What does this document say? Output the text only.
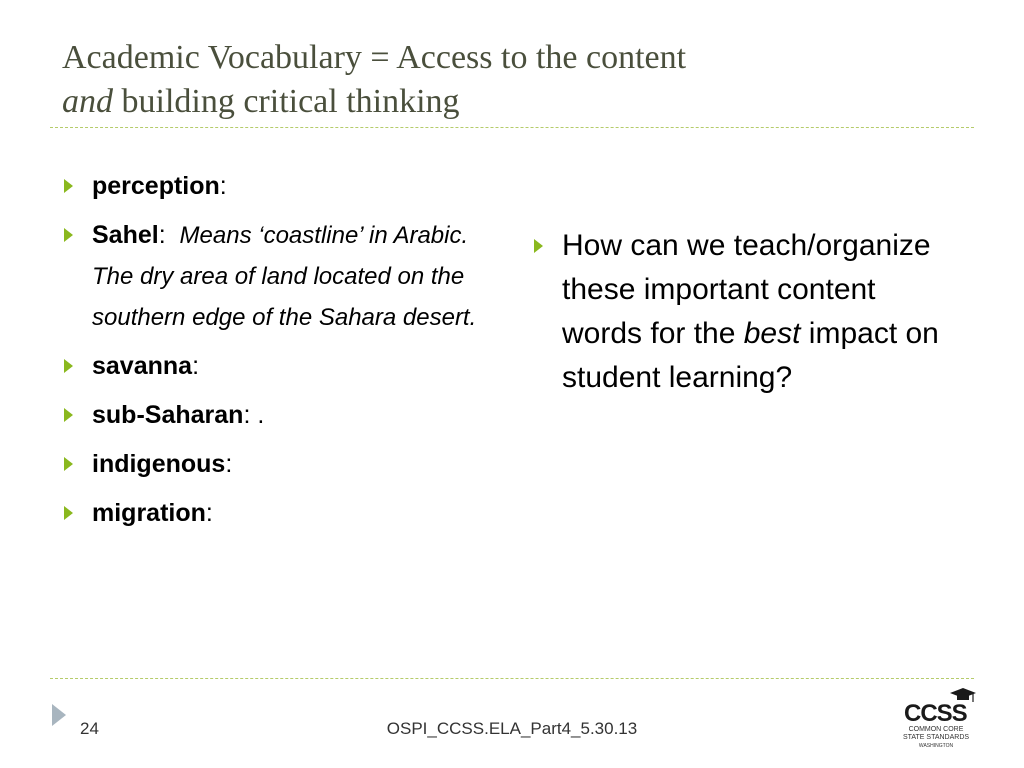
Academic Vocabulary = Access to the content
and building critical thinking
perception:
Sahel:  Means ‘coastline’ in Arabic. The dry area of land located on the southern edge of the Sahara desert.
savanna:
sub-Saharan: .
indigenous:
migration:
How can we teach/organize these important content words for the best impact on student learning?
24	OSPI_CCSS.ELA_Part4_5.30.13
CCSS
COMMON CORE
STATE STANDARDS
WASHINGTON
